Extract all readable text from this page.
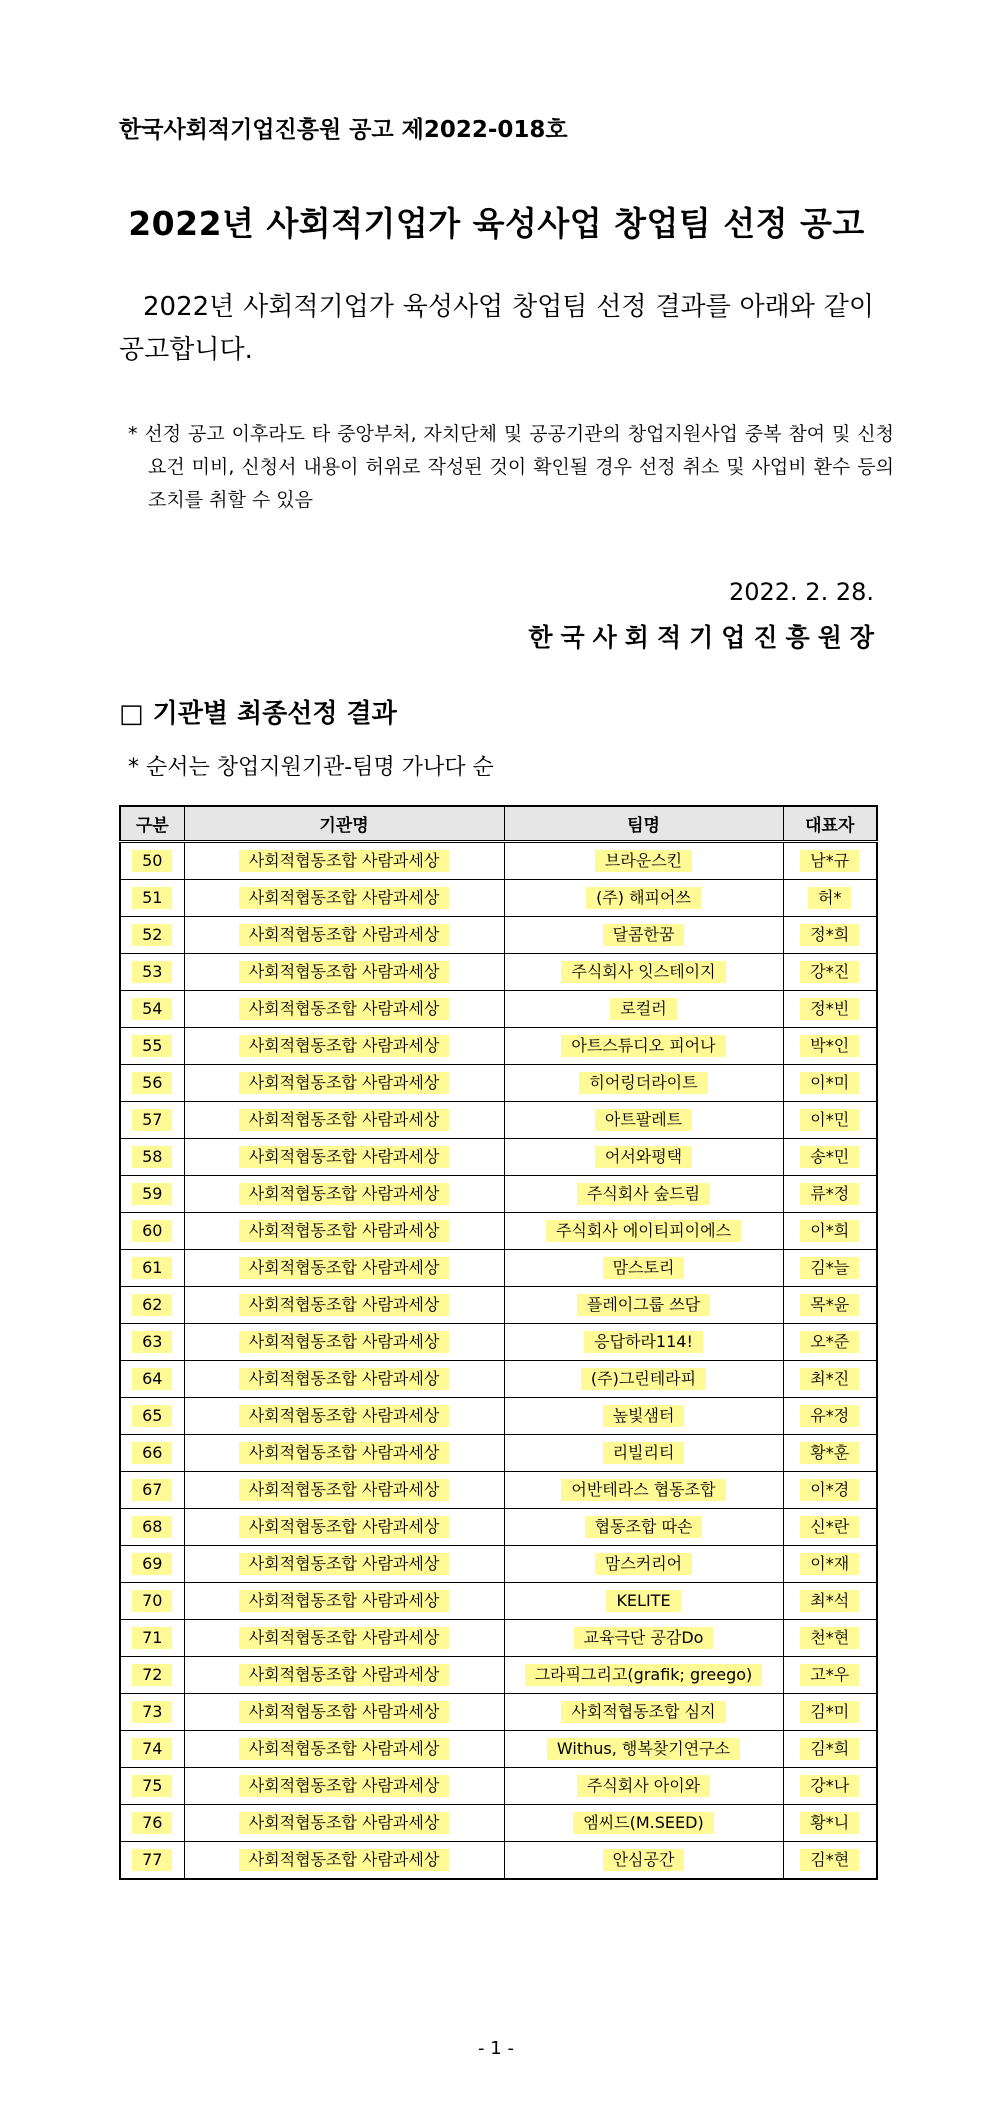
한국사회적기업진흥원 공고 제2022-018호
2022년 사회적기업가 육성사업 창업팀 선정 공고
2022년 사회적기업가 육성사업 창업팀 선정 결과를 아래와 같이 공고합니다.
* 선정 공고 이후라도 타 중앙부처, 자치단체 및 공공기관의 창업지원사업 중복 참여 및 신청요건 미비, 신청서 내용이 허위로 작성된 것이 확인될 경우 선정 취소 및 사업비 환수 등의 조치를 취할 수 있음
2022. 2. 28.
한국사회적기업진흥원장
□ 기관별 최종선정 결과
* 순서는 창업지원기관-팀명 가나다 순
구분	기관명	팀명	대표자
50	사회적협동조합 사람과세상	브라운스킨	남*규
51	사회적협동조합 사람과세상	(주) 해피어쓰	허*
52	사회적협동조합 사람과세상	달콤한꿈	정*희
53	사회적협동조합 사람과세상	주식회사 잇스테이지	강*진
54	사회적협동조합 사람과세상	로컬러	정*빈
55	사회적협동조합 사람과세상	아트스튜디오 피어나	박*인
56	사회적협동조합 사람과세상	히어링더라이트	이*미
57	사회적협동조합 사람과세상	아트팔레트	이*민
58	사회적협동조합 사람과세상	어서와평택	송*민
59	사회적협동조합 사람과세상	주식회사 숲드림	류*정
60	사회적협동조합 사람과세상	주식회사 에이티피이에스	이*희
61	사회적협동조합 사람과세상	맘스토리	김*늘
62	사회적협동조합 사람과세상	플레이그룹 쓰담	목*윤
63	사회적협동조합 사람과세상	응답하라114!	오*준
64	사회적협동조합 사람과세상	(주)그린테라피	최*진
65	사회적협동조합 사람과세상	높빛샘터	유*정
66	사회적협동조합 사람과세상	리빌리티	황*훈
67	사회적협동조합 사람과세상	어반테라스 협동조합	이*경
68	사회적협동조합 사람과세상	협동조합 따손	신*란
69	사회적협동조합 사람과세상	맘스커리어	이*재
70	사회적협동조합 사람과세상	KELITE	최*석
71	사회적협동조합 사람과세상	교육극단 공감Do	천*현
72	사회적협동조합 사람과세상	그라픽그리고(grafik; greego)	고*우
73	사회적협동조합 사람과세상	사회적협동조합 심지	김*미
74	사회적협동조합 사람과세상	Withus, 행복찾기연구소	김*희
75	사회적협동조합 사람과세상	주식회사 아이와	강*나
76	사회적협동조합 사람과세상	엠씨드(M.SEED)	황*니
77	사회적협동조합 사람과세상	안심공간	김*현
- 1 -
